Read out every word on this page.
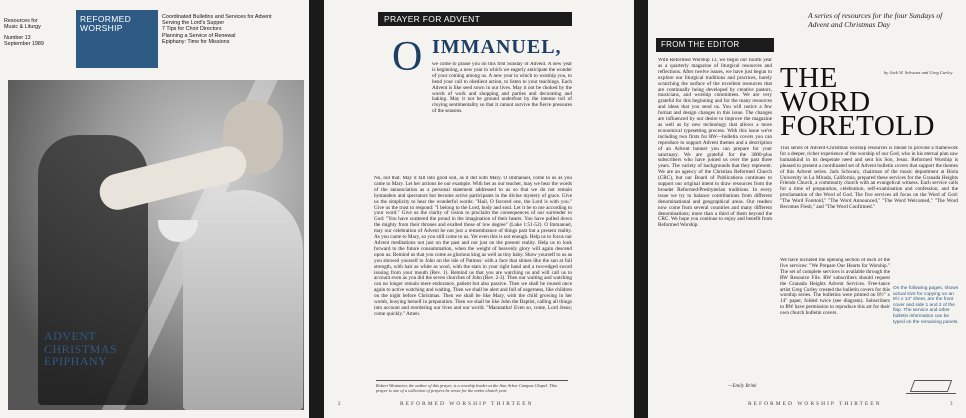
Resources for
Music & Liturgy
Number 13
September 1989
REFORMED
WORSHIP
Coordinated Bulletins and Services for Advent
Serving the Lord's Supper
7 Tips for Choir Directors
Planning a Service of Renewal
Epiphany: Time for Missions
ADVENT
CHRISTMAS
EPIPHANY
PRAYER FOR ADVENT
O IMMANUEL,
we come to praise you on this first Sunday of Advent. A new year is beginning, a new year in which we eagerly anticipate the wonder of your coming among us. A new year in which to worship you, to bend your call to obedient action, to listen to your teachings. Each Advent is like seed sown in our lives. May it not be choked by the words of work and shopping and parties and decorating and baking. May it not be ground underfoot by the intense toil of cloying sentimentality so that it cannot survive the fierce pressures of the seasons.
No, not that. May it fall into good soil, as it did with Mary. O Immanuel, come to us as you came to Mary. Let her actions be our example. With her as our teacher, may we hear the words of the annunciation as a personal statement addressed to us so that we do not remain bystanders and spectators but become active participants in the divine mystery of grace. Give us the simplicity to hear the wonderful words: "Hail, O favored one, the Lord is with you." Give us the trust to respond: "I belong to the Lord, body and soul. Let it be to me according to your word." Give us the clarity of vision to proclaim the consequences of our surrender to God: "You have scattered the proud in the imagination of their hearts. You have pulled down the mighty from their thrones and exalted those of low degree" (Luke 1:51-52). O Immanuel, may our celebration of Advent be not just a remembrance of things past but a present reality. As you came to Mary, so you still come to us. Yet even this is not enough. Help us to focus our Advent meditations not just on the past and not just on the present reality. Help us to look forward to the future consummation, when the weight of heavenly glory will again descend upon us. Remind us that you come as glorious king as well as tiny baby. Show yourself to us as you showed yourself to John on the isle of Patmos: with a face that shines like the sun at full strength, with hair as white as wool, with the stars in your right hand and a two-edged sword issuing from your mouth (Rev. 1). Remind us that you are watching us and will call us to account even as you did the seven churches of John (Rev. 2-3). Then our waiting and watching can no longer remain mere endurance, patient but also passive. Then we shall be roused once again to active watching and waiting. Then we shall be alert and full of eagerness, like children on the night before Christmas. Then we shall be like Mary, with the child growing in her womb, busying herself in preparation. Then we shall be like John the Baptist, calling all things into account and reordering our lives and our world. "Maranatha! Even so, come, Lord Jesus; come quickly." Amen.
Robert Westmeier, the author of this prayer, is a worship leader at the Ann Arbor Campus Chapel. This prayer is one of a collection of prayers he wrote for the entire church year.
2	REFORMED WORSHIP THIRTEEN
FROM THE EDITOR
With Reformed Worship 13, we begin our fourth year as a quarterly magazine of liturgical resources and reflections. After twelve issues, we have just begun to explore our liturgical traditions and practices, barely scratching the surface of the excellent resources that are continually being developed by creative pastors, musicians, and worship committees. We are very grateful for this beginning and for the many resources and ideas that you send us. You will notice a few format and design changes in this issue. The changes are influenced by our desire to improve the magazine as well as by new technology that allows a more economical typesetting process. With this issue we're including two firsts for RW—bulletin covers you can reproduce to support Advent themes and a description of an Advent banner you can prepare for your sanctuary. We are grateful for the 3000-plus subscribers who have joined us over the past three years. The variety of backgrounds that they represent. We are an agency of the Christian Reformed Church (CRC), but our Board of Publications continues to support our original intent to draw resources from the broader Reformed/Presbyterian traditions. In every issue we try to balance contributions from different denominational and geographical areas. Our readers now come from several countries and many different denominations; more than a third of them beyond the CRC. We hope you continue to enjoy and benefit from Reformed Worship.
—Emily Brink
A series of resources for the four Sundays of Advent and Christmas Day
THE
WORD
FORETOLD
by Jack W. Schwarz and Greg Curley
This series of Advent-Christmas worship resources is meant to provide a framework for a deeper, richer experience of the worship of our God, who in his eternal plan saw humankind in its desperate need and sent his Son, Jesus. Reformed Worship is pleased to present a coordinated set of Advent bulletin covers that support the themes of this Advent series. Jack Schwarz, chairman of the music department at Biola University in La Mirada, California, prepared these services for the Granada Heights Friends Church, a community church with an evangelical witness. Each service calls for a time of preparation, celebration, self-examination and confession, and the proclamation of the Word of God. The five services all focus on the Word of God: "The Word Foretold," "The Word Announced," "The Word Welcomed," "The Word Becomes Flesh," and "The Word Confirmed."
We have included the opening section of each of the five services: "We Prepare Our Hearts for Worship." The set of complete services is available through the RW Resource File. RW subscribers should request the Granada Heights Advent Services. Free-lance artist Greg Curley created the bulletin covers for this worship series. The bulletins were printed on 8½" x 14" paper, folded twice (see diagram). Subscribers to RW have permission to reproduce this art for their own church bulletin covers.
On the following pages, shown actual size for copying on an 8½ x 14" sheet, are the front cover and side 1 and 2 of the flap. The service and other bulletin information can be typed on the remaining panels.
REFORMED WORSHIP THIRTEEN	3
